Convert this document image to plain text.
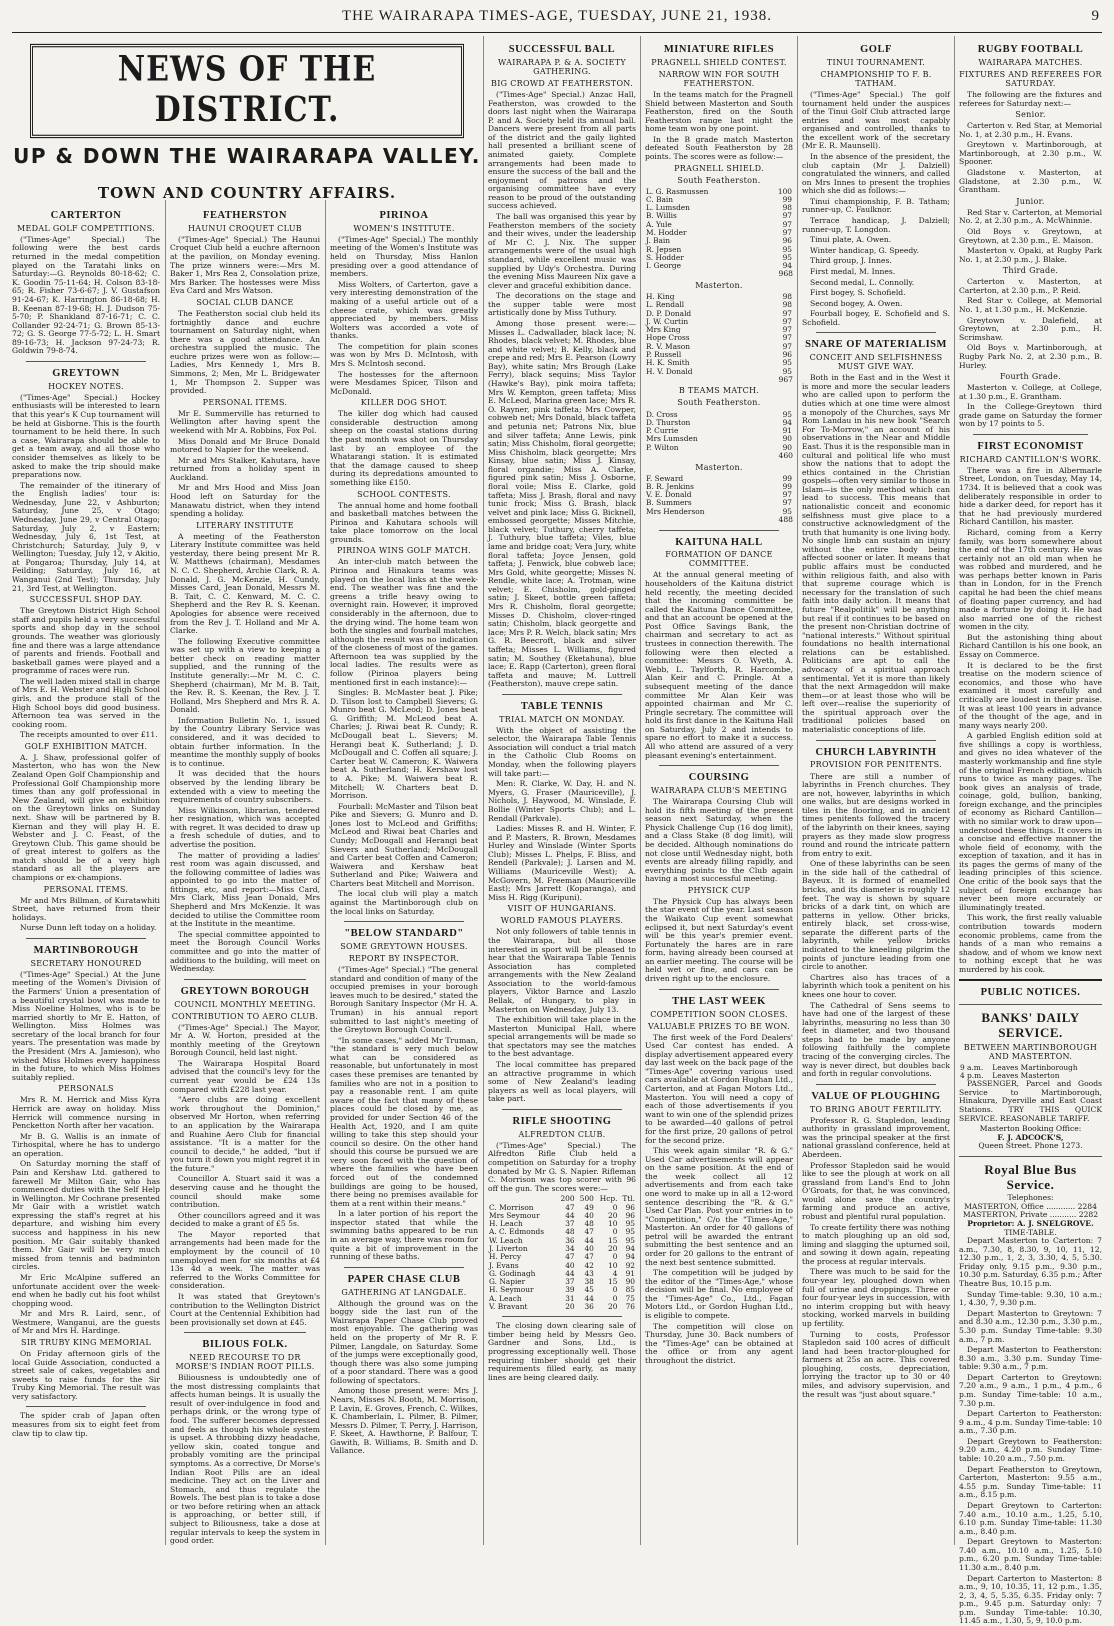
THE WAIRARAPA TIMES-AGE, TUESDAY, JUNE 21, 1938.	9
NEWS OF THE DISTRICT.
UP & DOWN THE WAIRARAPA VALLEY.
TOWN AND COUNTRY AFFAIRS.
CARTERTON
MEDAL GOLF COMPETITIONS.

("Times-Age" Special.) The following were the best cards returned in the medal competition played on the Taratahi links on Saturday:—G. Reynolds 80-18-62; C. K. Goodin 75-11-64; H. Colson 83-18-65; R. Fisher 73-6-67; J. V. Gustafson 91-24-67; K. Harrington 86-18-68; H. B. Keenan 87-19-68; H. J. Dudson 75-5-70; P. Shankland 87-16-71; C. C. Collander 92-24-71; G. Brown 85-13-72; G. S. George 77-5-72; L. H. Smart 89-16-73; H. Jackson 97-24-73; R. Goldwin 79-8-74.

GREYTOWN
HOCKEY NOTES.

("Times-Age" Special.) Hockey enthusiasts will be interested to learn that this year's K Cup tournament will be held at Gisborne. This is the fourth tournament to be held there. In such a case, Wairarapa should be able to get a team away, and all those who consider themselves as likely to be asked to make the trip should make preparations now.

The remainder of the itinerary of the English ladies' tour is: Wednesday, June 22, v Ashburton; Saturday, June 25, v Otago; Wednesday, June 29, v Central Otago; Saturday, July 2, v Eastern; Wednesday, July 6, 1st Test, at Christchurch; Saturday, July 9, v Wellington; Tuesday, July 12, v Akitio, at Pongaroa; Thursday, July 14, at Feilding; Saturday, July 16, at Wanganui (2nd Test); Thursday, July 21, 3rd Test, at Wellington.

SUCCESSFUL SHOP DAY.

The Greytown District High School staff and pupils held a very successful sports and shop day in the school grounds. The weather was gloriously fine and there was a large attendance of parents and friends. Football and basketball games were played and a programme of races were run.

The well laden mixed stall in charge of Mrs E. H. Webster and High School girls, and the produce stall of the High School boys did good business. Afternoon tea was served in the cooking room.

The receipts amounted to over £11.

GOLF EXHIBITION MATCH.

A. J. Shaw, professional golfer of Masterton, who has won the New Zealand Open Golf Championship and Professional Golf Championship more times than any golf professional in New Zealand, will give an exhibition on the Greytown links on Sunday next. Shaw will be partnered by B. Kiernan and they will play H. E. Webster and J. C. Feast, of the Greytown Club. This game should be of great interest to golfers as the match should be of a very high standard as all the players are champions or ex-champions.

PERSONAL ITEMS.

Mr and Mrs Billman, of Kuratawhiti Street, have returned from their holidays.

Nurse Dunn left today on a holiday.

MARTINBOROUGH
SECRETARY HONOURED

("Times-Age" Special.) At the June meeting of the Women's Division of the Farmers' Union a presentation of a beautiful crystal bowl was made to Miss Noeline Holmes, who is to be married shortly to Mr E. Hatton, of Wellington. Miss Holmes was secretary of the local branch for four years. The presentation was made by the President (Mrs A. Jamieson), who wished Miss Holmes every happiness in the future, to which Miss Holmes suitably replied.

PERSONALS

Mrs R. M. Herrick and Miss Kyra Herrick are away on holiday. Miss Herrick will commence nursing in Pencketton North after her vacation.

Mr B. G. Wallis is an inmate of Tirhospital, where he has to undergo an operation.

On Saturday morning the staff of Pain and Kershaw Ltd. gathered to farewell Mr Milton Gair, who has commenced duties with the Self Help in Wellington. Mr Cochrane presented Mr Gair with a wristlet watch expressing the staff's regret at his departure, and wishing him every success and happiness in his new position. Mr Gair suitably thanked them. Mr Gair will be very much missed from tennis and badminton circles.

Mr Eric McAlpine suffered an unfortunate accident over the week-end when he badly cut his foot whilst chopping wood.

Mr and Mrs R. Laird, senr., of Westmere, Wanganui, are the guests of Mr and Mrs H. Hardinge.

SIR TRUBY KING MEMORIAL

On Friday afternoon girls of the local Guide Association, conducted a street sale of cakes, vegetables and sweets to raise funds for the Sir Truby King Memorial. The result was very satisfactory.

The spider crab of Japan often measures from six to eight feet from claw tip to claw tip.

FEATHERSTON
HAUNUI CROQUET CLUB

("Times-Age" Special.) The Haunui Croquet Club held a euchre afternoon at the pavilion, on Monday evening. The prize winners were:—Mrs M. Baker 1, Mrs Rea 2, Consolation prize, Mrs Barker. The hostesses were Miss Eva Card and Mrs Watson.

SOCIAL CLUB DANCE

The Featherston social club held its fortnightly dance and euchre tournament on Saturday night, when there was a good attendance. An orchestra supplied the music. The euchre prizes were won as follow:—Ladies, Mrs Kennedy 1, Mrs B. Simmons, 2; Men, Mr L. Bridgewater 1, Mr Thompson 2. Supper was provided.

PERSONAL ITEMS.

Mr E. Summerville has returned to Wellington after having spent the weekend with Mr A. Robbins, Fox Pol.

Miss Donald and Mr Bruce Donald motored to Napier for the weekend.

Mr and Mrs Stalker, Kahutara, have returned from a holiday spent in Auckland.

Mr and Mrs Hood and Miss Joan Hood left on Saturday for the Manawatu district, when they intend spending a holiday.

LITERARY INSTITUTE

A meeting of the Featherston Literary Institute committee was held yesterday, there being present Mr R. W. Matthews (chairman), Mesdames N. C. C. Shepherd, Archie Clark, R. A. Donald, J. G. McKenzie, H. Cundy, Misses Card, Jean Donald, Messrs M. B. Tait, C. C. Kenward, M. C. C. Shepherd and the Rev R. S. Keenan. Apologies for absence were received from the Rev J. T. Holland and Mr A. Clarke.

The following Executive committee was set up with a view to keeping a better check on reading matter supplied, and the running of the Institute generally:—Mr M. C. C. Shepherd (chairman), Mr M. B. Tait, the Rev. R. S. Keenan, the Rev. J. T. Holland, Mrs Shepherd and Mrs R. A. Donald.

Information Bulletin No. 1, issued by the Country Library Service was considered, and it was decided to obtain further information. In the meantime the monthly supply of books is to continue.

It was decided that the hours observed by the lending library be extended with a view to meeting the requirements of country subscribers.

Miss Wilkinson, librarian, tendered her resignation, which was accepted with regret. It was decided to draw up a fresh schedule of duties, and to advertise the position.

The matter of providing a ladies' rest room was again discussed, and the following committee of ladies was appointed to go into the matter of fittings, etc, and report:—Miss Card, Mrs Clark, Miss Jean Donald, Mrs Shepherd and Mrs McKenzie. It was decided to utilise the Committee room at the Institute in the meantime.

The special committee appointed to meet the Borough Council Works committee and go into the matter of additions to the building, will meet on Wednesday.

GREYTOWN BOROUGH
COUNCIL MONTHLY MEETING.
CONTRIBUTION TO AERO CLUB.

("Times-Age" Special.) The Mayor, Mr A. W. Horton, presided at the monthly meeting of the Greytown Borough Council, held last night.

The Wairarapa Hospital Board advised that the council's levy for the current year would be £24 13s compared with £228 last year.

"Aero clubs are doing excellent work throughout the Dominion," observed Mr Horton, when referring to an application by the Wairarapa and Ruahine Aero Club for financial assistance. "It is a matter for the council to decide," he added, "but if you turn it down you might regret it in the future."

Councillor A. Stuart said it was a deserving cause and he thought the council should make some contribution.

Other councillors agreed and it was decided to make a grant of £5 5s.

The Mayor reported that arrangements had been made for the employment by the council of 10 unemployed men for six months at £4 13s 4d a week. The matter was referred to the Works Committee for consideration.

It was stated that Greytown's contribution to the Wellington District Court at the Centennial Exhibition had been provisionally set down at £45.

BILIOUS FOLK.
NEED RECOURSE TO DR MORSE'S INDIAN ROOT PILLS.

Biliousness is undoubtedly one of the most distressing complaints that affects human beings. It is usually the result of over-indulgence in food and perhaps drink, or the wrong type of food. The sufferer becomes depressed and feels as though his whole system is upset. A throbbing dizzy headache, yellow skin, coated tongue and probably vomiting are the principal symptoms. As a corrective, Dr Morse's Indian Root Pills are an ideal medicine. They act on the Liver and Stomach, and thus regulate the Bowels. The best plan is to take a dose or two before retiring when an attack is approaching, or better still, if subject to Biliousness, take a dose at regular intervals to keep the system in good order.

PIRINOA
WOMEN'S INSTITUTE.

("Times-Age" Special.) The monthly meeting of the Women's Institute was held on Thursday, Miss Hanlon presiding over a good attendance of members.

Miss Wolters, of Carterton, gave a very interesting demonstration of the making of a useful article out of a cheese crate, which was greatly appreciated by members. Miss Wolters was accorded a vote of thanks.

The competition for plain scones was won by Mrs D. McIntosh, with Mrs S. McIntosh second.

The hostesses for the afternoon were Mesdames Spicer, Tilson and McDonald.

KILLER DOG SHOT.

The killer dog which had caused considerable destruction among sheep on the coastal stations during the past month was shot on Thursday last by an employee of the Whatarangi station. It is estimated that the damage caused to sheep during its depredations amounted to something like £150.

SCHOOL CONTESTS.

The annual home and home football and basketball matches between the Pirinoa and Kahutara schools will take place tomorrow on the local grounds.

PIRINOA WINS GOLF MATCH.

An inter-club match between the Pirinoa and Hinakura teams was played on the local links at the week-end. The weather was fine and the greens a trifle heavy owing to overnight rain. However, it improved considerably in the afternoon, due to the drying wind. The home team won both the singles and fourball matches, although the result was no indication of the closeness of most of the games. Afternoon tea was supplied by the local ladies. The results were as follow (Pirinoa players being mentioned first in each instance):—

Singles: B. McMaster beat J. Pike; D. Tilson lost to Campbell Sievers; G. Munro beat G. McLeod; D. Jones beat G. Griffith; M. McLeod beat A. Charles; J. Riwai beat R. Cundy; R. McDougall beat L. Sievers; M. Herangi beat K. Sutherland; J. D. McDougall and C. Coffen all square; J. Carter beat W. Cameron; K. Waiwera beat A. Sutherland; H. Kershaw lost to A. Pike; M. Waiwera beat R. Mitchell; W. Charters beat D. Morrison.

Fourball: McMaster and Tilson beat Pike and Sievers; G. Munro and D. Jones lost to McLeod and Griffiths; McLeod and Riwai beat Charles and Cundy; McDougall and Herangi beat Sievers and Sutherland; McDougall and Carter beat Coffen and Cameron; Waiwera and Kershaw beat Sutherland and Pike; Waiwera and Charters beat Mitchell and Morrison.

The local club will play a match against the Martinborough club on the local links on Saturday.

"BELOW STANDARD"
SOME GREYTOWN HOUSES.
REPORT BY INSPECTOR.

("Times-Age" Special.) "The general standard and condition of many of the occupied premises in your borough leaves much to be desired," stated the Borough Sanitary Inspector (Mr H. A. Truman) in his annual report submitted to last night's meeting of the Greytown Borough Council.

"In some cases," added Mr Truman, "the standard is very much below what can be considered as reasonable, but unfortunately in most cases these premises are tenanted by families who are not in a position to pay a reasonable rent. I am quite aware of the fact that many of these places could be closed by me, as provided for under Section 46 of the Health Act, 1920, and I am quite willing to take this step should your council so desire. On the other hand should this course be pursued we are very soon faced with the question of where the families who have been forced out of the condemned buildings are going to be housed, there being no premises available for them at a rent within their means."

In a later portion of his report the inspector stated that while the swimming baths appeared to be run in an average way, there was room for quite a bit of improvement in the running of these baths.

PAPER CHASE CLUB
GATHERING AT LANGDALE.

Although the ground was on the boggy side the last run of the Wairarapa Paper Chase Club proved most enjoyable. The gathering was held on the property of Mr R. F. Pilmer, Langdale, on Saturday. Some of the jumps were exceptionally good, though there was also some jumping of a poor standard. There was a good following of spectators.

Among those present were: Mrs J. Nears, Misses N. Booth, M. Morrison, P. Lavin, E. Groves, French, C. Wilkes, K. Chamberlain, L. Pilmer, B. Pilmer, Messrs D. Pilmer, T. Perry, J. Harrison, F. Skeet, A. Hawthorne, P. Balfour, T. Gawith, B. Williams, B. Smith and D. Vallance.

SUCCESSFUL BALL
WAIRARAPA P. & A. SOCIETY GATHERING.
BIG CROWD AT FEATHERSTON.

("Times-Age" Special.) Anzac Hall, Featherston, was crowded to the doors last night when the Wairarapa P. and A. Society held its annual ball. Dancers were present from all parts of the district and the gaily lighted hall presented a brilliant scene of animated gaiety. Complete arrangements had been made to ensure the success of the ball and the enjoyment of patrons and the organising committee have every reason to be proud of the outstanding success achieved.

The ball was organised this year by Featherston members of the society and their wives, under the leadership of Mr C. J. Nix. The supper arrangements were of the usual high standard, while excellent music was supplied by Udy's Orchestra. During the evening Miss Maureen Nix gave a clever and graceful exhibition dance.

The decorations on the stage and the supper table were most artistically done by Miss Tuthury.

Among those present were:—Misses L. Cadwallader, black lace; N. Rhodes, black velvet; M. Rhodes, blue and white velvet; B. Kelly, black and crepe and red; Mrs E. Pearson (Lowry Bay), white satin; Mrs Brough (Lake Ferry), black sequins; Miss Taylor (Hawke's Bay), pink moira taffeta; Mrs W. Kempton, green taffeta; Miss E. McLeod, Marina green lace; Mrs R. O. Rayner, pink taffeta; Mrs Cowper, cobweb net; Mrs Donald, black taffeta and petunia net; Patrons Nix, blue and silver taffeta; Anne Lewis, pink satin; Miss Chisholm, floral georgette; Miss Chisholm, black georgette; Mrs Kinsay, blue satin; Miss J. Kinsay, floral organdie; Miss A. Clarke, figured pink satin; Miss J. Osborne, floral voile; Miss E. Clarke, gold taffeta; Miss J. Brash, floral and navy tunic frock; Miss G. Brash, black velvet and pink lace; Miss G. Bicknell, embossed georgette; Misses Mitchie, black velvet; Tuthury, cherry taffeta; J. Tuthury, blue taffeta; Viles, blue lame and bridge coat; Vera Jury, white floral taffeta; Joyce Jensen, gold taffeta; J. Fenwick, blue cobweb lace; Mrs Gold, white georgette; Misses N. Rendle, white lace; A. Trotman, wine velvet; E. Chisholm, gold-pinged satin; J. Skeet, bottle green taffeta; Mrs R. Chisholm, floral georgette; Misses D. Chisholm, clover-ringed satin; Chisholm, black georgette and lace; Mrs P. R. Welch, black satin; Mrs G. R. Beecroft, black and silver taffeta; Misses L. Williams, figured satin; M. Southey (Eketahuna), blue lace; E. Rapp (Carterton), green floral taffeta and mauve; M. Luttrell (Featherston), mauve crepe satin.

TABLE TENNIS
TRIAL MATCH ON MONDAY.

With the object of assisting the selector, the Wairarapa Table Tennis Association will conduct a trial match in the Catholic Club Rooms on Monday, when the following players will take part:—

Men: R. Clarke, W. Day, H. and N. Myers, G. Fraser (Mauriceville), J. Nichols, J. Haywood, M. Winslade, F. Bollie (Winter Sports Club); and L. Rendall (Parkvale).

Ladies: Misses R. and H. Winter, F. and P. Masters, R. Brown, Mesdames Hurley and Winslade (Winter Sports Club); Misses L. Phelps, F. Bliss, and Rendell (Parkvale); J. Larsen and M. Williams (Mauriceville West); A. McGovern, M. Freeman (Mauriceville East); Mrs Jarrett (Koparanga), and Miss H. Rigg (Kuripuni).

VISIT OF HUNGARIANS.
WORLD FAMOUS PLAYERS.

Not only followers of table tennis in the Wairarapa, but all those interested in sport will be pleased to hear that the Wairarapa Table Tennis Association has completed arrangements with the New Zealand Association to the world-famous players, Viktor Barnce and Laszlo Bellak, of Hungary, to play in Masterton on Wednesday, July 13.

The exhibition will take place in the Masterton Municipal Hall, where special arrangements will be made so that spectators may see the matches to the best advantage.

The local committee has prepared an attractive programme in which some of New Zealand's leading players as well as local players, will take part.

RIFLE SHOOTING
ALFREDTON CLUB.

("Times-Age" Special.) The Alfredton Rifle Club held a competition on Saturday for a trophy donated by Mr G. S. Napier. Rifleman C. Morrison was top scorer with 96 off the gun. The scores were:—

	200	500	Hcp.	Ttl.
C. Morrison	47	49	0	96
Mrs Seymour	44	40	20	96
H. Leach	37	48	10	95
A. C. Edmonds	48	47	0	95
W. Leach	36	44	15	95
J. Liverton	34	40	20	94
H. Percy	47	47	0	94
J. Evans	40	42	10	92
G. Godinagh	44	43	4	91
G. Napier	37	38	15	90
H. Seymour	39	45	0	85
A. Leach	31	44	0	75
V. Bravant	20	36	20	76

The closing down clearing sale of timber being held by Messrs Geo. Gardner and Sons, Ltd., is progressing exceptionally well. Those requiring timber should get their requirements filled early, as many lines are being cleared daily.

MINIATURE RIFLES
PRAGNELL SHIELD CONTEST.
NARROW WIN FOR SOUTH FEATHERSTON.

In the teams match for the Pragnell Shield between Masterton and South Featherston, fired on the South Featherston range last night the home team won by one point.

In the B grade match Masterton defeated South Featherston by 28 points. The scores were as follow:—

PRAGNELL SHIELD.
South Featherston.
L. G. Rasmussen	100
C. Bain	99
L. Lumsden	98
B. Willis	97
A. Yule	97
M. Hodder	97
J. Bain	96
R. Jepsen	95
S. Hodder	95
I. George	94
968
Masterton.
H. King	98
L. Rendall	98
D. P. Donald	97
J. W. Curtin	97
Mrs King	97
Hope Cross	97
R. V. Mason	97
P. Russell	96
H. K. Smith	95
H. V. Donald	95
967
B TEAMS MATCH.
South Featherston.
D. Cross	95
D. Thurston	94
P. Currie	91
Mrs Lumsden	90
P. Wilton	90
460
Masterton.
F. Seward	99
B. R. Jenkins	99
V. E. Donald	97
B. Summers	97
Mrs Henderson	95
488
KAITUNA HALL
FORMATION OF DANCE COMMITTEE.

At the annual general meeting of householders of the Kaituna district held recently, the meeting decided that the incoming committee be called the Kaituna Dance Committee, and that an account be opened at the Post Office Savings Bank, the chairman and secretary to act as trustees in connection therewith. The following were then elected a committee: Messrs O. Wyeth, A. Webb, L. Taylforth, R. Harcombe, Alan Keir and C. Pringle. At a subsequent meeting of the dance committee Mr Alan Keir was appointed chairman and Mr C. Pringle secretary. The committee will hold its first dance in the Kaituna Hall on Saturday, July 2 and intends to spare no effort to make it a success. All who attend are assured of a very pleasant evening's entertainment.

COURSING
WAIRARAPA CLUB'S MEETING

The Wairarapa Coursing Club will hold its fifth meeting of the present season next Saturday, when the Physick Challenge Cup (16 dog limit), and a Class Stake (8 dog limit), will be decided. Although nominations do not close until Wednesday night, both events are already filling rapidly, and everything points to the Club again having a most successful meeting.

PHYSICK CUP

The Physick Cup has always been the star event of the year. Last season the Waikato Cup event somewhat eclipsed it, but next Saturday's event will be this year's premier event. Fortunately the hares are in rare form, having already been coursed at an earlier meeting. The course will be held wet or fine, and cars can be driven right up to the enclosure.

THE LAST WEEK
COMPETITION SOON CLOSES.
VALUABLE PRIZES TO BE WON.

The first week of the Ford Dealers' Used Car contest has ended. A display advertisement appeared every day last week on the back page of the "Times-Age" covering various used cars available at Gordon Hughan Ltd., Carterton, and at Fagan Motors Ltd., Masterton. You will need a copy of each of those advertisements if you want to win one of the splendid prizes to be awarded—40 gallons of petrol for the first prize, 20 gallons of petrol for the second prize.

This week again similar "R. & G." Used Car advertisements will appear on the same position. At the end of the week collect all 12 advertisements and from each take one word to make up in all a 12-word sentence describing the "R. & G." Used Car Plan. Post your entries in to "Competition," C/o the "Times-Age," Masterton. An order for 40 gallons of petrol will be awarded the entrant submitting the best sentence and an order for 20 gallons to the entrant of the next best sentence submitted.

The competition will be judged by the editor of the "Times-Age," whose decision will be final. No employee of the "Times-Age" Co., Ltd., Fagan Motors Ltd., or Gordon Hughan Ltd., is eligible to compete.

The competition will close on Thursday, June 30. Back numbers of the "Times-Age" can be obtained at the office or from any agent throughout the district.

GOLF
TINUI TOURNAMENT.
CHAMPIONSHIP TO F. B. TATHAM.

("Times-Age" Special.) The golf tournament held under the auspices of the Tinui Golf Club attracted large entries and was most capably organised and controlled, thanks to the excellent work of the secretary (Mr E. R. Maunsell).

In the absence of the president, the club captain (Mr J. Dalziell) congratulated the winners, and called on Mrs Innes to present the trophies which she did as follows:—

Tinui championship, F. B. Tatham; runner-up, C. Faulknor.

Terrace handicap, J. Dalziell; runner-up, T. Longdon.

Tinui plate, A. Owen.

Winter handicap, G. Speedy.

Third group, J. Innes.

First medal, M. Innes.

Second medal, L. Connolly.

First bogey, S. Schofield.

Second bogey, A. Owen.

Fourball bogey, E. Schofield and S. Schofield.

SNARE OF MATERIALISM
CONCEIT AND SELFISHNESS MUST GIVE WAY.

Both in the East and in the West it is more and more the secular leaders who are called upon to perform the duties which at one time were almost a monopoly of the Churches, says Mr Rom Landau in his new book "Search For To-Morrow," an account of his observations in the Near and Middle East. Thus it is the responsible man in cultural and political life who must show the nations that to adopt the ethics contained in the Christian gospels—often very similar to those in Islam—is the only method which can lead to success. This means that nationalistic conceit and economic selfishness must give place to a constructive acknowledgment of the truth that humanity is one living body. No single limb can sustain an injury without the entire body being affected sooner or later. It means that public affairs must be conducted within religious faith, and also with that supreme courage which is necessary for the translation of such faith into daily action. It means that future "Realpolitik" will be anything but real if it continues to be based on the present non-Christian doctrine of "national interests." Without spiritual foundations no health international relations can be established. Politicians are apt to call the advocacy of a spiritual approach sentimental. Yet it is more than likely that the next Armageddon will make them—or at least those who will be left over—realise the superiority of the spiritual approach over the traditional policies based on materialistic conceptions of life.

CHURCH LABYRINTH
PROVISION FOR PENITENTS.

There are still a number of labyrinths in French churches. They are not, however, labyrinths in which one walks, but are designs worked in tiles in the flooring, and in ancient times penitents followed the tracery of the labyrinth on their knees, saying prayers as they made slow progress round and round the intricate pattern from entry to exit.

One of these labyrinths can be seen in the side hall of the cathedral of Bayeux. It is formed of enamelled bricks, and its diameter is roughly 12 feet. The way is shown by square bricks of a dark tint, on which are patterns in yellow. Other bricks, entirely black, set cross-wise, separate the different parts of the labyrinth, while yellow bricks indicated to the kneeling pilgrim the points of juncture leading from one circle to another.

Chartres also has traces of a labyrinth which took a penitent on his knees one hour to cover.

The Cathedral of Sens seems to have had one of the largest of these labyrinths, measuring no less than 30 feet in diameter, and two thousand steps had to be made by anyone following faithfully the complete tracing of the converging circles. The way is never direct, but doubles back and forth in regular convolutions.

VALUE OF PLOUGHING
TO BRING ABOUT FERTILITY.

Professor R. G. Stapledon, leading authority in grassland improvement, was the principal speaker at the first national grassland conference, held at Aberdeen.

Professor Stapledon said he would like to see the plough at work on all grassland from Land's End to John O'Groats, for that, he was convinced, would alone save the country's farming and produce an active, robust and plentiful rural population.

To create fertility there was nothing to match ploughing up an old sod, liming and slagging the upturned soil, and sowing it down again, repeating the process at regular intervals.

There was much to be said for the four-year ley, ploughed down when full of urine and droppings. Three or four four-year leys in succession, with no interim cropping but with heavy stocking, worked marvels in building up fertility.

Turning to costs, Professor Stapledon said 100 acres of difficult land had been tractor-ploughed for farmers at 25s an acre. This covered ploughing, costs, depreciation, lorrying the tractor up to 30 or 40 miles, and advisory supervision, and the result was "just about square."

RUGBY FOOTBALL
WAIRARAPA MATCHES.
FIXTURES AND REFEREES FOR SATURDAY.

The following are the fixtures and referees for Saturday next:—

Senior.

Carterton v. Red Star, at Memorial No. 1, at 2.30 p.m., H. Evans.

Greytown v. Martinborough, at Martinborough, at 2.30 p.m., W. Spooner.

Gladstone v. Masterton, at Gladstone, at 2.30 p.m., W. Grantham.

Junior.

Red Star v. Carterton, at Memorial No. 2, at 2.30 p.m., A. McWhinnie.

Old Boys v. Greytown, at Greytown, at 2.30 p.m., E. Maison.

Masterton v. Opaki, at Rugby Park No. 1, at 2.30 p.m., J. Blake.

Third Grade.

Carterton v. Masterton, at Carterton, at 2.30 p.m., P. Reid.

Red Star v. College, at Memorial No. 1, at 1.30 p.m., H. McKenzie.

Greytown v. Dalefield, at Greytown, at 2.30 p.m., H. Scrimshaw.

Old Boys v. Martinborough, at Rugby Park No. 2, at 2.30 p.m., B. Hurley.

Fourth Grade.

Masterton v. College, at College, at 1.30 p.m., E. Grantham.

In the College-Greytown third grade game on Saturday the former won by 17 points to 5.

FIRST ECONOMIST
RICHARD CANTILLON'S WORK.

There was a fire in Albermarle Street, London, on Tuesday, May 14, 1734. It is believed that a cook was deliberately responsible in order to hide a darker deed, for report has it that he had previously murdered Richard Cantillon, his master.

Richard, coming from a Kerry family, was born somewhere about the end of the 17th century. He was certainly not an old man when he was robbed and murdered, and he was perhaps better known in Paris than in London, for in the French capital he had been the chief means of floating paper currency, and had made a fortune by doing it. He had also married one of the richest women in the city.

But the astonishing thing about Richard Cantillon is his one book, an Essay on Commerce.

It is declared to be the first treatise on the modern science of economics, and those who have examined it most carefully and critically are loudest in their praise. It was at least 100 years in advance of the thought of the age, and in many ways nearly 200.

A garbled English edition sold at five shillings a copy is worthless, and gives no idea whatever of the masterly workmanship and fine style of the original French edition, which runs to twice as many pages. The book gives an analysis of trade, coinage, gold, bullion, banking, foreign exchange, and the principles of economy as Richard Cantillon—with no similar work to draw upon—understood these things. It covers in a concise and effective manner the whole field of economy, with the exception of taxation, and it has in its pages the germs of many of the leading principles of this science. One critic of the book says that the subject of foreign exchange has never been more accurately or illuminatingly treated.

This work, the first really valuable contribution towards modern economic problems, came from the hands of a man who remains a shadow, and of whom we know next to nothing except that he was murdered by his cook.

PUBLIC NOTICES.
BANKS' DAILY SERVICE.
BETWEEN MARTINBOROUGH AND MASTERTON.
9 a.m.	Leaves Martinborough
4 p.m.	Leaves Masterton

PASSENGER, Parcel and Goods Service to Martinborough, Hinakura, Dyerville and East Coast Stations. TRY THIS QUICK SERVICE. REASONABLE TARIFF.

Masterton Booking Office:
F. J. ADCOCK'S,
Queen Street. Phone 1273.
Royal Blue Bus Service.
Telephones:
MASTERTON, Office ............ 2284
MASTERTON, Private ........... 2282
Proprietor: A. J. SNELGROVE.
TIME-TABLE.

Depart Masterton to Carterton: 7 a.m., 7.30, 8, 8.30, 9, 10, 11, 12, 12.30 p.m., 1, 2, 3, 3.30, 4, 5, 5.30. Friday only, 9.15 p.m., 9.30 p.m., 10.30 p.m. Saturday, 6.35 p.m.; After Theatre Bus, 10.15 p.m.

Sunday Time-table: 9.30, 10 a.m.; 1, 4.30, 7, 9.30 p.m.

Depart Masterton to Greytown: 7 and 8.30 a.m., 12.30 p.m., 3.30 p.m., 5.30 p.m. Sunday Time-table: 9.30 a.m., 7 p.m.

Depart Masterton to Featherston: 8.30 a.m., 3.30 p.m. Sunday Time-table: 9.30 a.m., 7 p.m.

Depart Carterton to Greytown: 7.20 a.m., 9 a.m., 1 p.m., 4 p.m., 6 p.m. Sunday Time-table: 10 a.m., 7.30 p.m.

Depart Carterton to Featherston: 9 a.m., 4 p.m. Sunday Time-table: 10 a.m., 7.30 p.m.

Depart Greytown to Featherston: 9.20 a.m., 4.20 p.m. Sunday Time-table: 10.20 a.m., 7.50 p.m.

Depart Featherston to Greytown, Carterton, Masterton: 9.55 a.m., 4.55 p.m. Sunday Time-table: 11 a.m., 8.15 p.m.

Depart Greytown to Carterton: 7.40 a.m., 10.10 a.m., 1.25, 5.10, 6.10 p.m. Sunday Time-table: 11.30 a.m., 8.40 p.m.

Depart Greytown to Masterton: 7.40 a.m., 10.10 a.m., 1.25, 5.10 p.m., 6.20 p.m. Sunday Time-table: 11.30 a.m., 8.40 p.m.

Depart Carterton to Masterton: 8 a.m., 9, 10, 10.35, 11, 12 p.m., 1.35, 2, 3, 4, 5, 5.35, 6.35. Friday only: 7 p.m., 9.45 p.m. Saturday only: 7 p.m. Sunday Time-table: 10.30, 11.45 a.m., 1.30, 5, 9, 10.0 p.m.
